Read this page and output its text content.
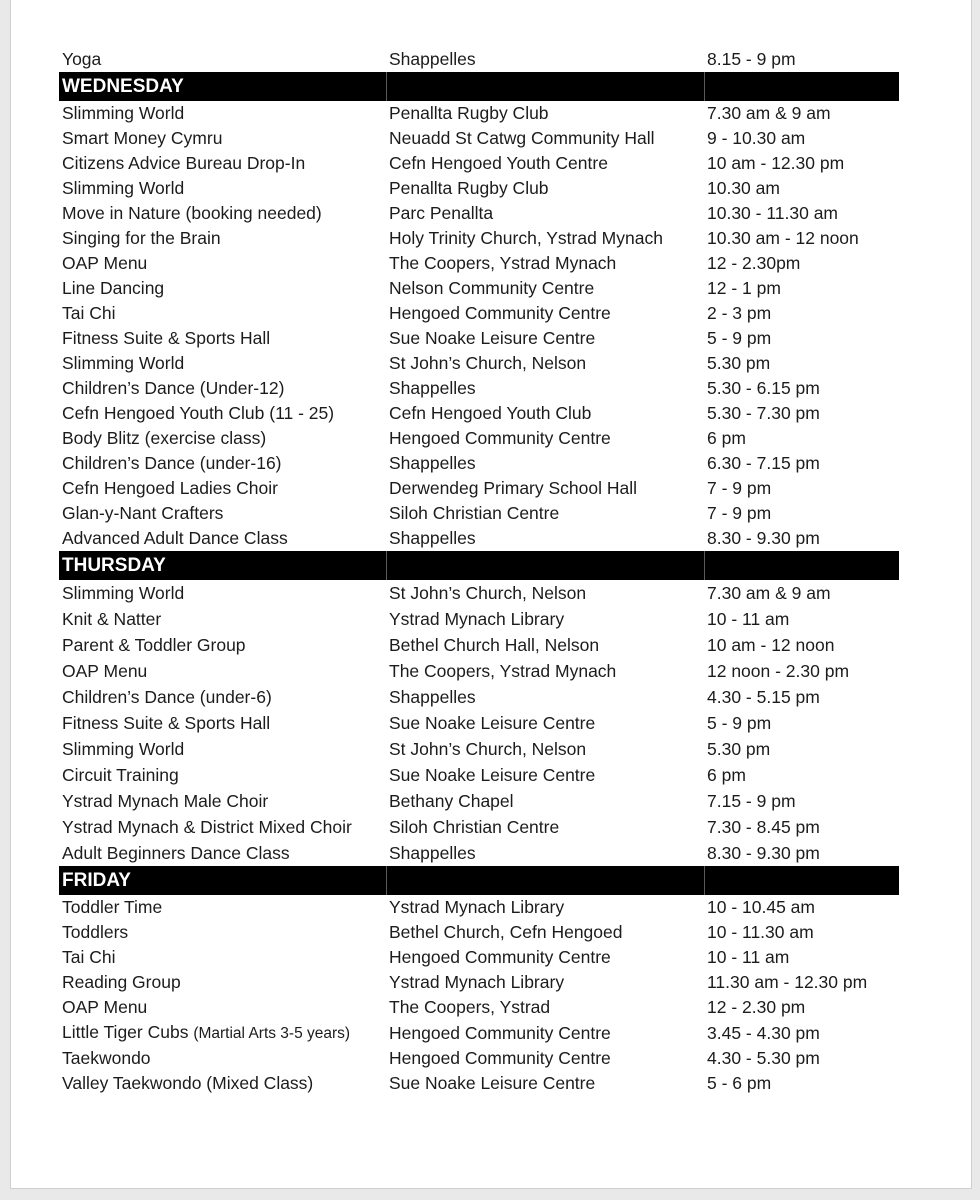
Yoga	Shappelles	8.15 - 9 pm
WEDNESDAY		
Slimming World	Penallta Rugby Club	7.30 am & 9 am
Smart Money Cymru	Neuadd St Catwg Community Hall	9 - 10.30 am
Citizens Advice Bureau Drop-In	Cefn Hengoed Youth Centre	10 am - 12.30 pm
Slimming World	Penallta Rugby Club	10.30 am
Move in Nature (booking needed)	Parc Penallta	10.30 - 11.30 am
Singing for the Brain	Holy Trinity Church, Ystrad Mynach	10.30 am - 12 noon
OAP Menu	The Coopers, Ystrad Mynach	12 - 2.30pm
Line Dancing	Nelson Community Centre	12 - 1 pm
Tai Chi	Hengoed Community Centre	2 - 3 pm
Fitness Suite & Sports Hall	Sue Noake Leisure Centre	5 - 9 pm
Slimming World	St John’s Church, Nelson	5.30 pm
Children’s Dance (Under-12)	Shappelles	5.30 - 6.15 pm
Cefn Hengoed Youth Club (11 - 25)	Cefn Hengoed Youth Club	5.30 - 7.30 pm
Body Blitz (exercise class)	Hengoed Community Centre	6 pm
Children’s Dance (under-16)	Shappelles	6.30 - 7.15 pm
Cefn Hengoed Ladies Choir	Derwendeg Primary School Hall	7 - 9 pm
Glan-y-Nant Crafters	Siloh Christian Centre	7 - 9 pm
Advanced Adult Dance Class	Shappelles	8.30 - 9.30 pm
THURSDAY		
Slimming World	St John’s Church, Nelson	7.30 am & 9 am
Knit & Natter	Ystrad Mynach Library	10 - 11 am
Parent & Toddler Group	Bethel Church Hall, Nelson	10 am - 12 noon
OAP Menu	The Coopers, Ystrad Mynach	12 noon - 2.30 pm
Children’s Dance (under-6)	Shappelles	4.30 - 5.15 pm
Fitness Suite & Sports Hall	Sue Noake Leisure Centre	5 - 9 pm
Slimming World	St John’s Church, Nelson	5.30 pm
Circuit Training	Sue Noake Leisure Centre	6 pm
Ystrad Mynach Male Choir	Bethany Chapel	7.15 - 9 pm
Ystrad Mynach & District Mixed Choir	Siloh Christian Centre	7.30 - 8.45 pm
Adult Beginners Dance Class	Shappelles	8.30 - 9.30 pm
FRIDAY		
Toddler Time	Ystrad Mynach Library	10 - 10.45 am
Toddlers	Bethel Church, Cefn Hengoed	10 - 11.30 am
Tai Chi	Hengoed Community Centre	10 - 11 am
Reading Group	Ystrad Mynach Library	11.30 am - 12.30 pm
OAP Menu	The Coopers, Ystrad	12 - 2.30 pm
Little Tiger Cubs (Martial Arts 3-5 years)	Hengoed Community Centre	3.45 - 4.30 pm
Taekwondo	Hengoed Community Centre	4.30 - 5.30 pm
Valley Taekwondo (Mixed Class)	Sue Noake Leisure Centre	5 - 6 pm
